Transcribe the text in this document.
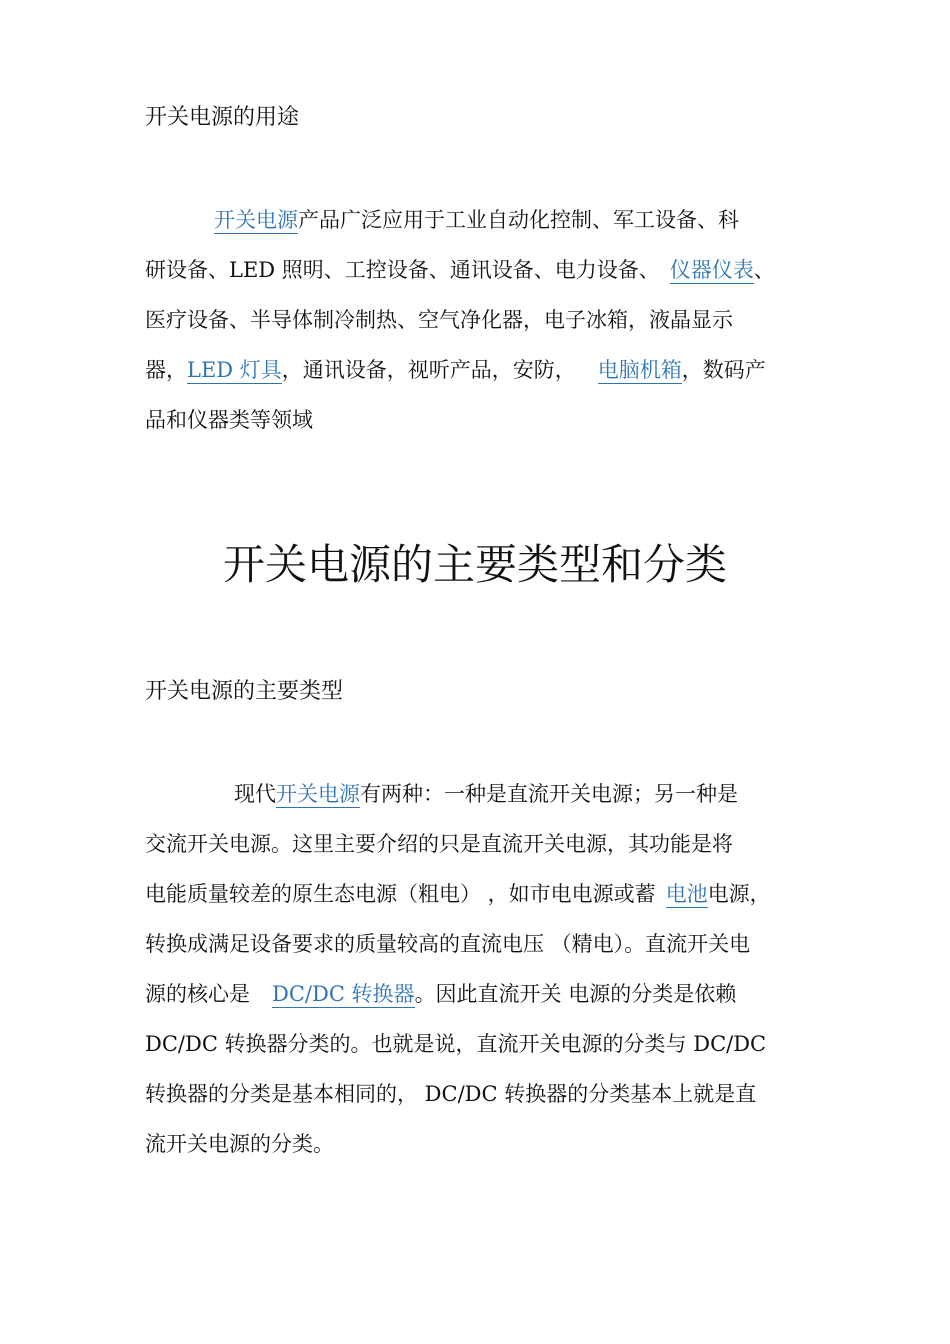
开关电源的用途
开关电源产品广泛应用于工业自动化控制、军工设备、科
研设备、LED 照明、工控设备、通讯设备、电力设备、 仪器仪表、
医疗设备、半导体制冷制热、空气净化器，电子冰箱，液晶显示
器，LED 灯具，通讯设备，视听产品，安防， 电脑机箱，数码产
品和仪器类等领域
开关电源的主要类型和分类
开关电源的主要类型
现代开关电源有两种：一种是直流开关电源；另一种是
交流开关电源。这里主要介绍的只是直流开关电源，其功能是将
电能质量较差的原生态电源（粗电） ，如市电电源或蓄 电池电源，
转换成满足设备要求的质量较高的直流电压 （精电）。直流开关电
源的核心是 DC/DC 转换器。因此直流开关 电源的分类是依赖
DC/DC 转换器分类的。也就是说，直流开关电源的分类与 DC/DC
转换器的分类是基本相同的， DC/DC 转换器的分类基本上就是直
流开关电源的分类。
